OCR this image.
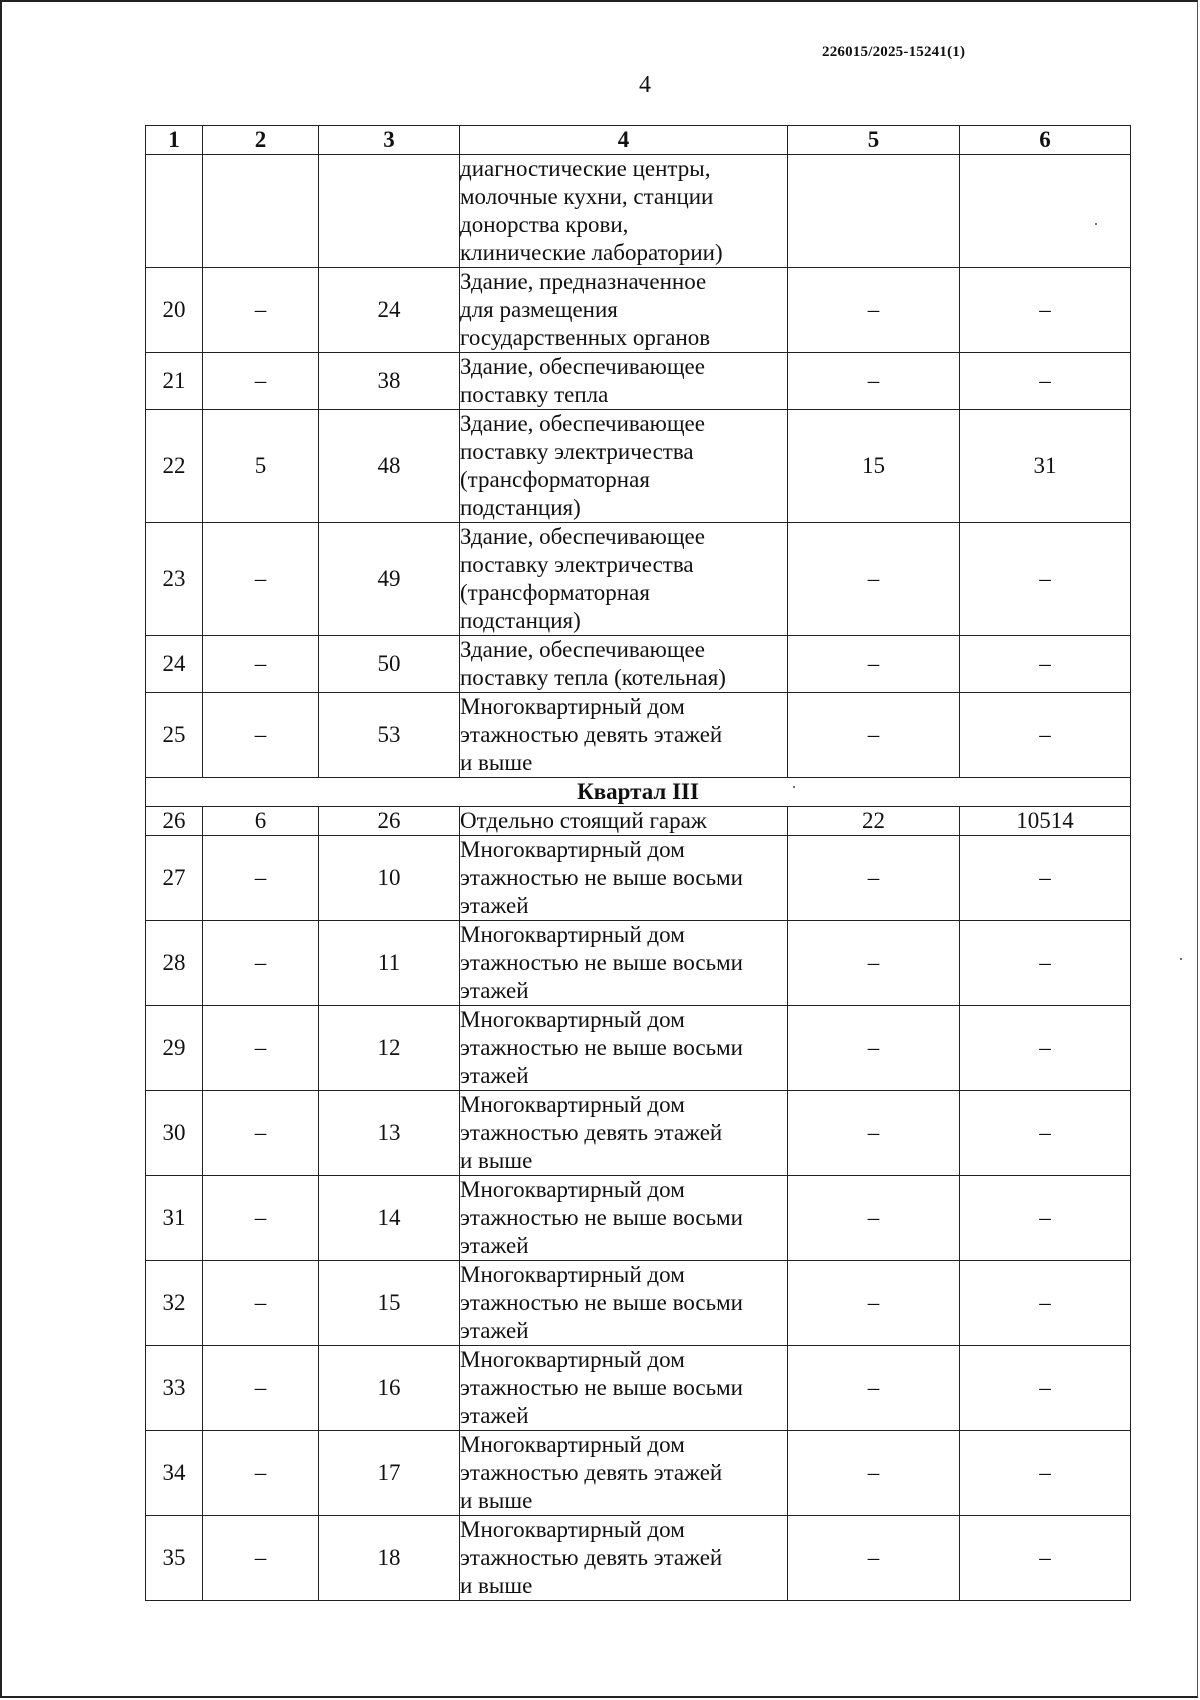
226015/2025-15241(1)
4
1	2	3	4	5	6

			диагностические центры,
молочные кухни, станции
донорства крови,
клинические лаборатории)		

20	–	24	Здание, предназначенное
для размещения
государственных органов	–	–
21	–	38	Здание, обеспечивающее
поставку тепла	–	–
22	5	48	Здание, обеспечивающее
поставку электричества
(трансформаторная
подстанция)	15	31
23	–	49	Здание, обеспечивающее
поставку электричества
(трансформаторная
подстанция)	–	–
24	–	50	Здание, обеспечивающее
поставку тепла (котельная)	–	–
25	–	53	Многоквартирный дом
этажностью девять этажей
и выше	–	–
Квартал III					
26	6	26	Отдельно стоящий гараж	22	10514
27	–	10	Многоквартирный дом
этажностью не выше восьми
этажей	–	–
28	–	11	Многоквартирный дом
этажностью не выше восьми
этажей	–	–
29	–	12	Многоквартирный дом
этажностью не выше восьми
этажей	–	–
30	–	13	Многоквартирный дом
этажностью девять этажей
и выше	–	–
31	–	14	Многоквартирный дом
этажностью не выше восьми
этажей	–	–
32	–	15	Многоквартирный дом
этажностью не выше восьми
этажей	–	–
33	–	16	Многоквартирный дом
этажностью не выше восьми
этажей	–	–
34	–	17	Многоквартирный дом
этажностью девять этажей
и выше	–	–
35	–	18	Многоквартирный дом
этажностью девять этажей
и выше	–	–
